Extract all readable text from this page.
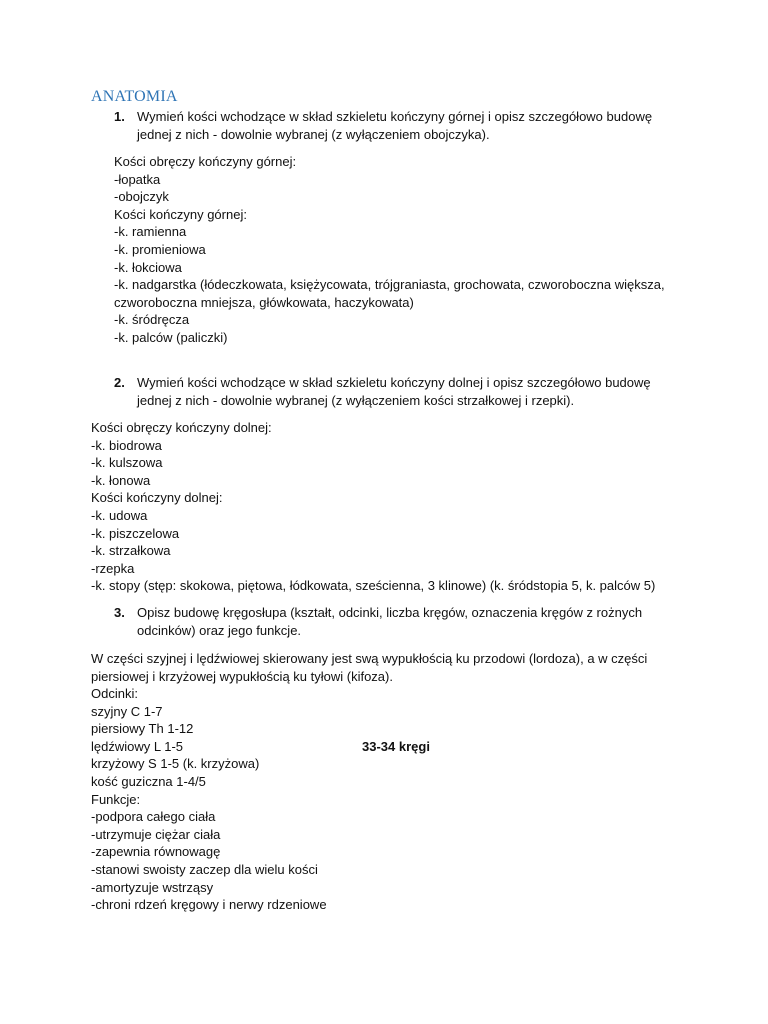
ANATOMIA
1. Wymień kości wchodzące w skład szkieletu kończyny górnej i opisz szczegółowo budowę
jednej z nich - dowolnie wybranej (z wyłączeniem obojczyka).
Kości obręczy kończyny górnej:
-łopatka
-obojczyk
Kości kończyny górnej:
-k. ramienna
-k. promieniowa
-k. łokciowa
-k. nadgarstka (łódeczkowata, księżycowata, trójgraniasta, grochowata, czworoboczna większa,
czworoboczna mniejsza, główkowata, haczykowata)
-k. śródręcza
-k. palców (paliczki)
2. Wymień kości wchodzące w skład szkieletu kończyny dolnej i opisz szczegółowo budowę
jednej z nich - dowolnie wybranej (z wyłączeniem kości strzałkowej i rzepki).
Kości obręczy kończyny dolnej:
-k. biodrowa
-k. kulszowa
-k. łonowa
Kości kończyny dolnej:
-k. udowa
-k. piszczelowa
-k. strzałkowa
-rzepka
-k. stopy (stęp: skokowa, piętowa, łódkowata, sześcienna, 3 klinowe) (k. śródstopia 5, k. palców 5)
3. Opisz budowę kręgosłupa (kształt, odcinki, liczba kręgów, oznaczenia kręgów z rożnych
odcinków) oraz jego funkcje.
W części szyjnej i lędźwiowej skierowany jest swą wypukłością ku przodowi (lordoza), a w części
piersiowej i krzyżowej wypukłością ku tyłowi (kifoza).
Odcinki:
szyjny C 1-7
piersiowy Th 1-12
lędźwiowy L 1-5
krzyżowy S 1-5 (k. krzyżowa)
kość guziczna 1-4/5
Funkcje:
-podpora całego ciała
-utrzymuje ciężar ciała
-zapewnia równowagę
-stanowi swoisty zaczep dla wielu kości
-amortyzuje wstrząsy
-chroni rdzeń kręgowy i nerwy rdzeniowe
33-34 kręgi
